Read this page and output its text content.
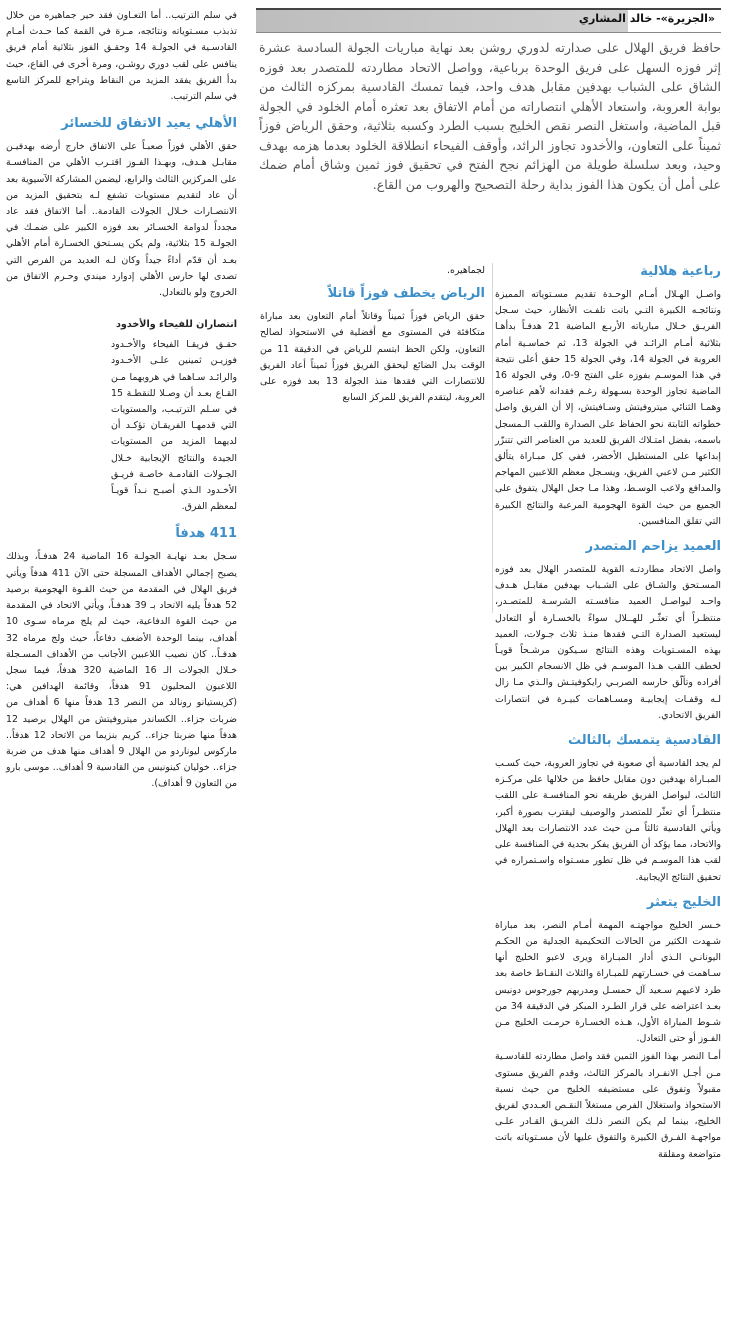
«الجزيرة»- خالد المشاري

حافظ فريق الهلال على صدارته لدوري روشن بعد نهاية مباريات الجولة السادسة عشرة إثر فوزه السهل على فريق الوحدة برباعية، وواصل الاتحاد مطاردته للمتصدر بعد فوزه الشاق على الشباب بهدفين مقابل هدف واحد، فيما تمسك القادسية بمركزه الثالث من بوابة العروبة، واستعاد الأهلي انتصاراته من أمام الاتفاق بعد تعثره أمام الخلود في الجولة قبل الماضية، واستغل النصر نقص الخليج بسبب الطرد وكسبه بثلاثية، وحقق الرياض فوزاً ثميناً على التعاون، والأخدود تجاوز الرائد، وأوقف الفيحاء انطلاقة الخلود بعدما هزمه بهدف وحيد، وبعد سلسلة طويلة من الهزائم نجح الفتح في تحقيق فوز ثمين وشاق أمام ضمك على أمل أن يكون هذا الفوز بداية رحلة التصحيح والهروب من القاع.

رباعية هلالية

واصـل الهـلال أمـام الوحـدة تقديم مسـتوياته المميزة ونتائجـه الكبيرة التـي باتت تلفـت الأنظار، حيث سـجل الفريـق خـلال مبارياته الأربـع الماضية 21 هدفـاً بدأهـا بثلاثية أمـام الرائـد في الجولة 13، ثم خماسـية أمام العروبة في الجولة 14، وفي الجولة 15 حقق أعلى نتيجة في هذا الموسـم بفوزه على الفتح 9-0، وفي الجولة 16 الماضية تجاوز الوحدة بسـهولة رغـم فقدانه لأهم عناصره وهمـا الثنائي ميتروفيتش وسـافيتش، إلا أن الفريق واصل خطواته الثابتة نحو الحفاظ على الصدارة واللقب الـمسجل باسمه، بفضل امتـلاك الفريق للعديد من العناصر التي تتنزّر إبداعها على المستطيل الأخضر، ففي كل مبـاراة يتألق الكثير مـن لاعبي الفريق، ويسـجل معظم اللاعبين المهاجم والمدافع ولاعب الوسـط، وهذا مـا جعل الهلال يتفوق على الجميع من حيث القوة الهجومية المرعبة والنتائج الكبيرة التي تقلق المنافسين.

العميد يزاحم المتصدر

واصل الاتحاد مطاردتـه القوية للمتصدر الهلال بعد فوزه المسـتحق والشـاق على الشـباب بهدفين مقابـل هـدف واحـد ليواصـل العميد منافسـته الشرسـة للمتصـدر، منتظـراً أي تعثّـر للهــلال سواءً بالخسـارة أو التعادل ليستعيد الصدارة التـي فقدها منـذ ثلاث جـولات، العميد بهذه المسـتويات وهذه النتائج سـيكون مرشـحاً قويـاً لخطف اللقب هـذا الموسـم في ظل الانسجام الكبير بين أفراده وتألّق حارسه الصربـي رايكوفيتـش والـذي مـا زال لـه وقفـات إيجابيـة ومسـاهمات كبيـرة في انتصارات الفريق الاتحادي.

القادسية يتمسك بالثالث

لم يجد القادسية أي صعوبة في تجاوز العروبة، حيث كسـب المبـاراة بهدفين دون مقابل حافظ من خلالها على مركـزه الثالث، ليواصل الفريق طريقه نحو المنافسـة على اللقب منتظـراً أي تعثّر للمتصدر والوصيف ليقترب بصورة أكبر، ويأتي القادسية ثالثاً مـن حيث عدد الانتصارات بعد الهلال والاتحاد، مما يؤكد أن الفريق يفكر بجدية في المنافسة على لقب هذا الموسـم في ظل تطور مسـتواه واسـتمراره في تحقيق النتائج الإيجابية.

الخليج يتعثر

خـسر الخليج مواجهتـه المهمة أمـام النصر، بعد مباراة شـهدت الكثير من الحالات التحكيمية الجدلية من الحكـم اليونانـي الـذي أدار المبـاراة ويرى لاعبو الخليج أنها سـاهمت في خسـارتهم للمبـاراة والثلاث النقـاط خاصة بعد طرد لاعبهم سـعيد آل حمسـل ومدربهم جورجوس دونيس بعـد اعتراضه على قرار الطـرد المبكر في الدقيقة 34 من شـوط المباراة الأول، هـذه الخسـارة حرمـت الخليج مـن الفـوز أو حتى التعادل.

أمـا النصر بهذا الفوز الثمين فقد واصل مطاردته للقادسـية مـن أجـل الانفـراد بالمركز الثالث، وقدم الفريق مستوى مقبولاً وتفوق على مستضيفه الخليج من حيث نسبة الاستحواذ واستغلال الفرص مستغلاً النقـص العـددي لفريق الخليج، بينما لم يكن النصر ذلـك الفريـق القـادر علـى مواجهـة الفـرق الكبيرة والتفوق عليها لأن مسـتوياته باتت متواضعة ومقلقة

لجماهيره.

الرياض يخطف فوزاً قاتلاً

حقق الرياض فوزاً ثميناً وقاتلاً أمام التعاون بعد مباراة متكافئة في المستوى مع أفضلية في الاستحواذ لصالح التعاون، ولكن الحظ ابتسم للرياض في الدقيقة 11 من الوقت بدل الضائع ليحقق الفريق فوزاً ثميناً أعاد الفريق للانتصارات التي فقدها منذ الجولة 13 بعد فوزه على العروبة، ليتقدم الفريق للمركز السابع

في سلم الترتيب.. أما التعـاون فقد حير جماهيره من خلال تذبذب مسـتوياته ونتائجه، مـرة في القمة كما حـدث أمـام القادسـية في الجولـة 14 وحقـق الفوز بثلاثية أمام فريق ينافس على لقب دوري روشـن، ومرة أخرى في القاع، حيث بدأ الفريق يفقد المزيد من النقاط ويتراجع للمركز التاسع في سلم الترتيب.

الأهلي يعيد الاتفاق للخسائر

حقق الأهلي فوزاً صعبـاً على الاتفاق خارج أرضه بهدفيـن مقابـل هـدف، وبهـذا الفـوز اقتـرب الأهلي من المنافسـة على المركزين الثالث والرابع، ليضمن المشاركة الآسيوية بعد أن عاد لتقديم مستويات تشفع لـه بتحقيق المزيد من الانتصـارات خـلال الجولات القادمة.. أما الاتفاق فقد عاد مجدداً لدوامة الخسـائر بعد فوزه الكبير على ضمـك في الجولـة 15 بثلاثية، ولم يكن يسـتحق الخسـارة أمام الأهلي بعـد أن قدّم أداءً جيداً وكان لـه العديد من الفرص التي تصدى لها حارس الأهلي إدوارد ميندي وحـرم الاتفاق من الخروج ولو بالتعادل.

انتصاران للفيحاء والأخدود

حقـق فريقـا الفيحاء والأخـدود فوزيـن ثمينين علـى الأخـدود والرائـد سـاهما في هروبهما مـن القـاع بعـد أن وصـلا للنقطـة 15 في سـلم الترتيـب، والمستويات التي قدمهـا الفريقـان تؤكـد أن لديهما المزيد من المستويات الجيدة والنتائج الإيجابية خـلال الجـولات القادمـة خاصـة فريـق الأخـدود الـذي أصبـح نـداً قويـاً لمعظم الفرق.

411 هدفاً

سـجل بعـد نهايـة الجولـة 16 الماضية 24 هدفـاً، وبذلك يصبح إجمالي الأهداف المسجلة حتى الآن 411 هدفاً ويأتي فريق الهلال في المقدمة من حيث القـوة الهجومية برصيد 52 هدفاً يليه الاتحاد بـ 39 هدفـاً، ويأتي الاتحاد في المقدمة من حيث القوة الدفاعية، حيث لم يلج مرماه سـوى 10 أهداف، بينما الوحدة الأضعف دفاعاً، حيث ولج مرماه 32 هدفـاً.. كان نصيب اللاعبين الأجانب من الأهداف المسـجلة خـلال الجولات الـ 16 الماضية 320 هدفاً، فيما سجل اللاعبون المحليون 91 هدفاً، وقائمة الهدافين هي: (كريستيانو رونالد من النصر 13 هدفاً منها 6 أهداف من ضربات جزاء.. الكساندر ميتروفيتش من الهلال برصيد 12 هدفاً منها ضربتا جزاء.. كريم بنزيما من الاتحاد 12 هدفاً.. ماركوس ليوناردو من الهلال 9 أهداف منها هدف من ضربة جزاء.. خوليان كينونيس من القادسية 9 أهداف.. موسى بارو من التعاون 9 أهداف).
